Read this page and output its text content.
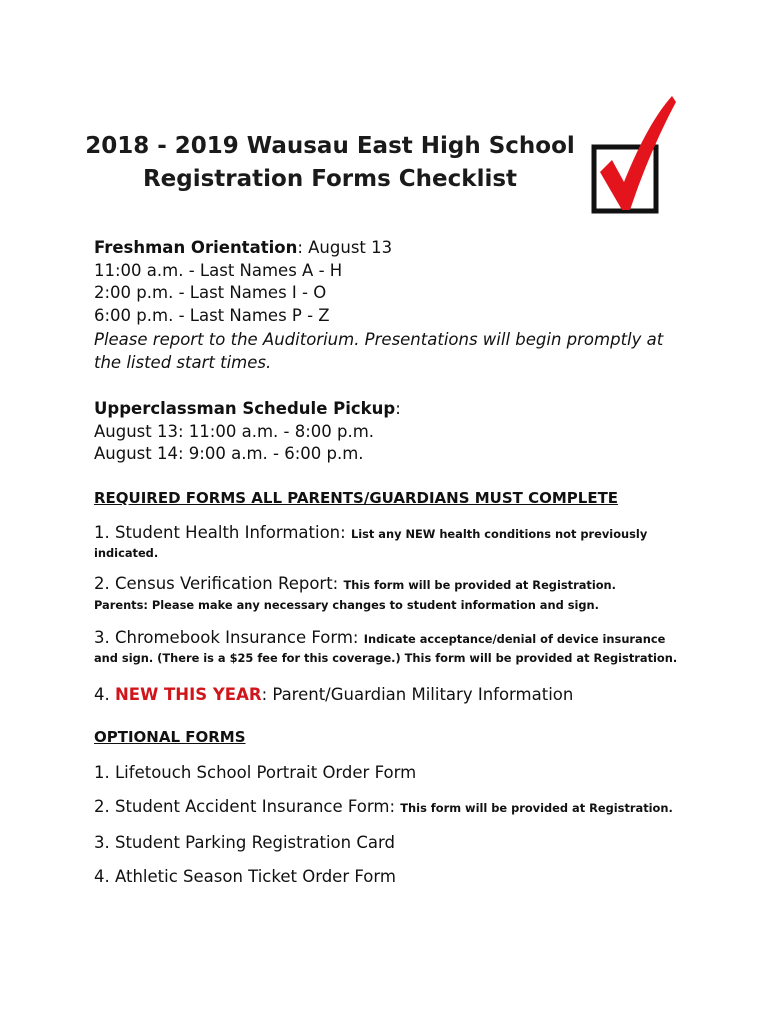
2018 - 2019 Wausau East High School
Registration Forms Checklist

Freshman Orientation: August 13

11:00 a.m. - Last Names A - H

2:00 p.m. - Last Names I - O

6:00 p.m. - Last Names P - Z

Please report to the Auditorium. Presentations will begin promptly at

the listed start times.

Upperclassman Schedule Pickup:

August 13: 11:00 a.m. - 8:00 p.m.

August 14: 9:00 a.m. - 6:00 p.m.

REQUIRED FORMS ALL PARENTS/GUARDIANS MUST COMPLETE

1. Student Health Information: List any NEW health conditions not previously

indicated.

2. Census Verification Report: This form will be provided at Registration.

Parents: Please make any necessary changes to student information and sign.

3. Chromebook Insurance Form: Indicate acceptance/denial of device insurance

and sign. (There is a $25 fee for this coverage.) This form will be provided at Registration.

4. NEW THIS YEAR: Parent/Guardian Military Information

OPTIONAL FORMS

1. Lifetouch School Portrait Order Form

2. Student Accident Insurance Form: This form will be provided at Registration.

3. Student Parking Registration Card

4. Athletic Season Ticket Order Form
